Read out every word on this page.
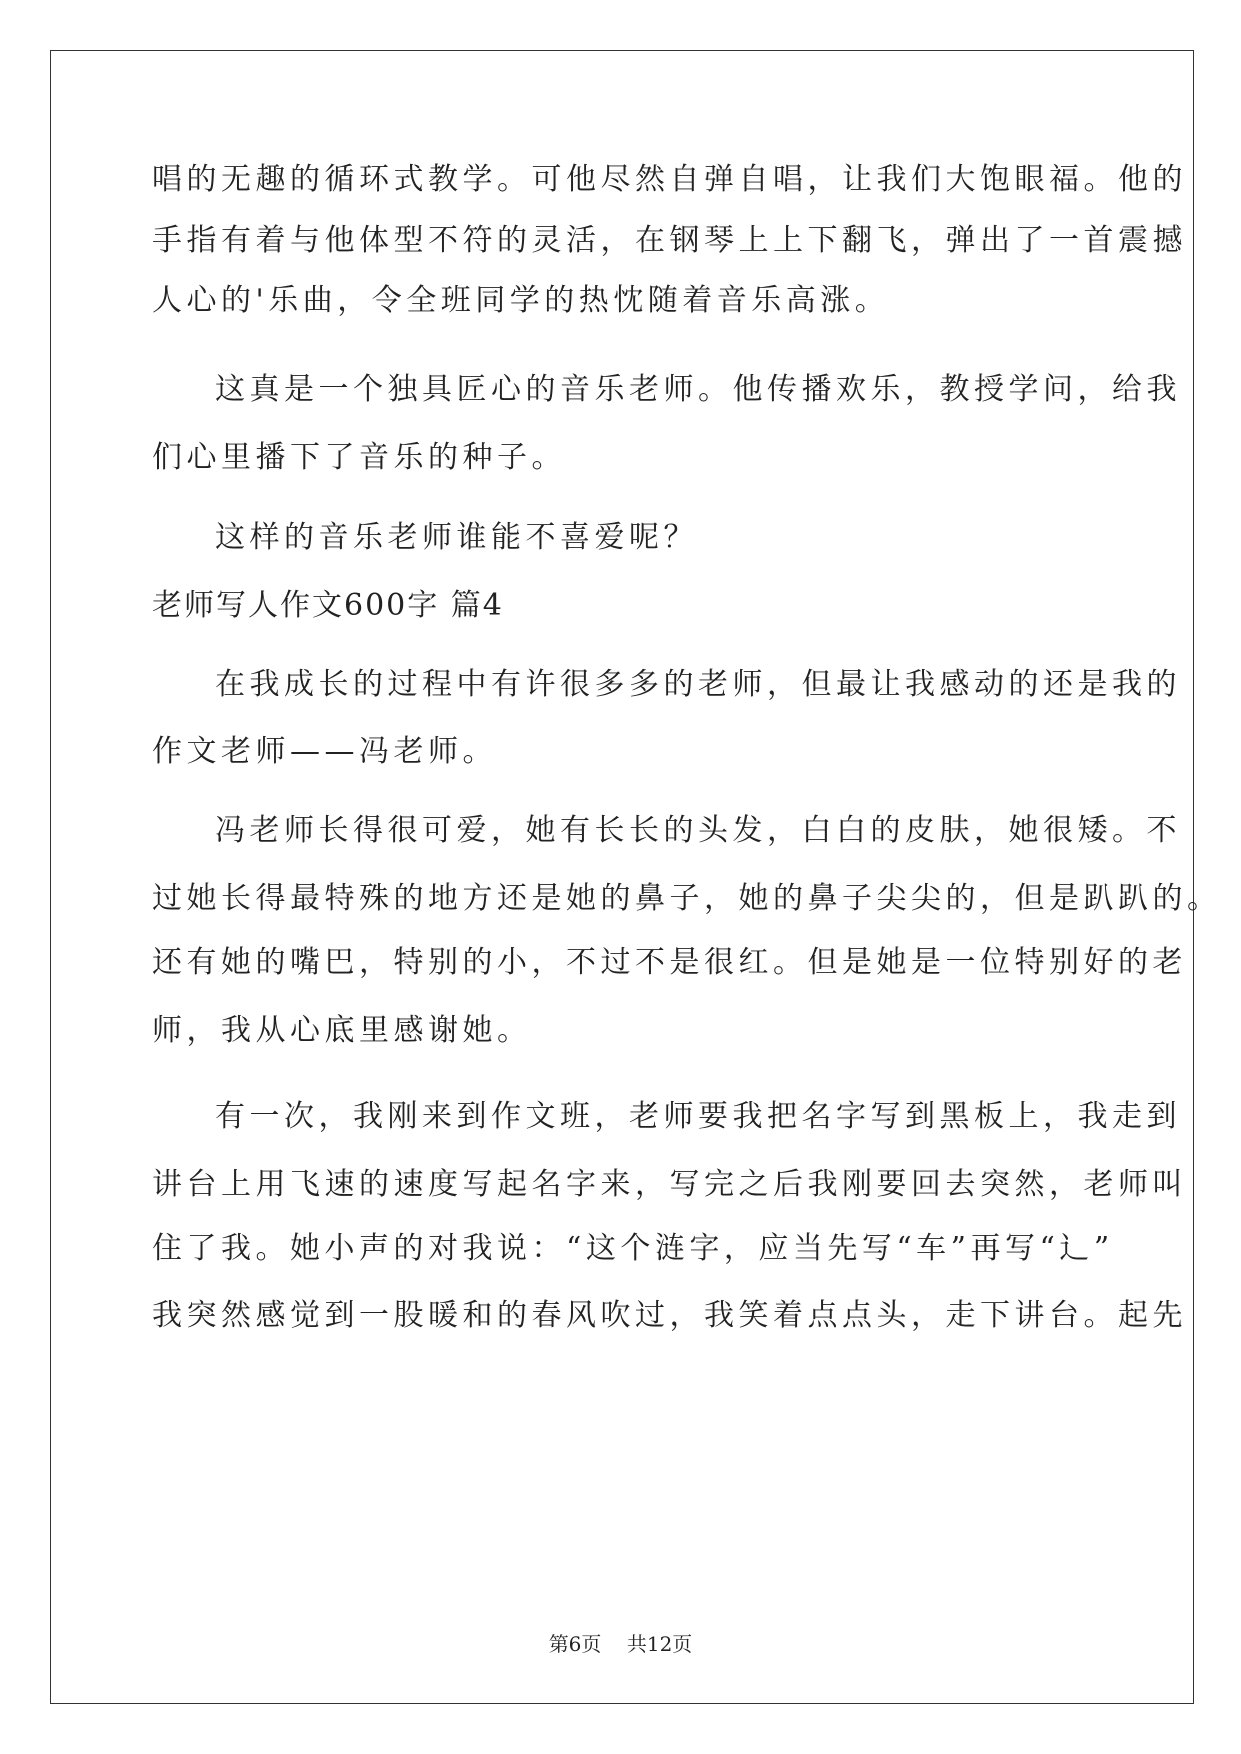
唱的无趣的循环式教学。可他尽然自弹自唱，让我们大饱眼福。他的
手指有着与他体型不符的灵活，在钢琴上上下翻飞，弹出了一首震撼
人心的'乐曲，令全班同学的热忱随着音乐高涨。
这真是一个独具匠心的音乐老师。他传播欢乐，教授学问，给我
们心里播下了音乐的种子。
这样的音乐老师谁能不喜爱呢？
老师写人作文600字 篇4
在我成长的过程中有许很多多的老师，但最让我感动的还是我的
作文老师——冯老师。
冯老师长得很可爱，她有长长的头发，白白的皮肤，她很矮。不
过她长得最特殊的地方还是她的鼻子，她的鼻子尖尖的，但是趴趴的。
还有她的嘴巴，特别的小，不过不是很红。但是她是一位特别好的老
师，我从心底里感谢她。
有一次，我刚来到作文班，老师要我把名字写到黑板上，我走到
讲台上用飞速的速度写起名字来，写完之后我刚要回去突然，老师叫
住了我。她小声的对我说：“这个涟字，应当先写“车”再写“辶”
我突然感觉到一股暖和的春风吹过，我笑着点点头，走下讲台。起先
第6页 共12页
